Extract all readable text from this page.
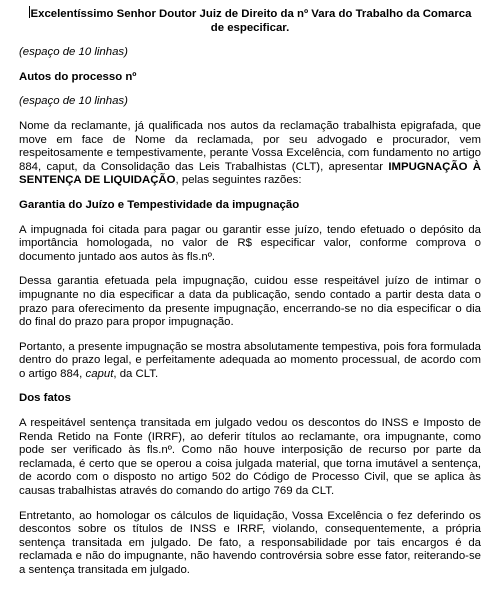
Excelentíssimo Senhor Doutor Juiz de Direito da nº Vara do Trabalho da Comarca de especificar.
(espaço de 10 linhas)
Autos do processo nº
(espaço de 10 linhas)
Nome da reclamante, já qualificada nos autos da reclamação trabalhista epigrafada, que move em face de Nome da reclamada, por seu advogado e procurador, vem respeitosamente e tempestivamente, perante Vossa Excelência, com fundamento no artigo 884, caput, da Consolidação das Leis Trabalhistas (CLT), apresentar IMPUGNAÇÃO À SENTENÇA DE LIQUIDAÇÃO, pelas seguintes razões:
Garantia do Juízo e Tempestividade da impugnação
A impugnada foi citada para pagar ou garantir esse juízo, tendo efetuado o depósito da importância homologada, no valor de R$ especificar valor, conforme comprova o documento juntado aos autos às fls.nº.
Dessa garantia efetuada pela impugnação, cuidou esse respeitável juízo de intimar o impugnante no dia especificar a data da publicação, sendo contado a partir desta data o prazo para oferecimento da presente impugnação, encerrando-se no dia especificar o dia do final do prazo para propor impugnação.
Portanto, a presente impugnação se mostra absolutamente tempestiva, pois fora formulada dentro do prazo legal, e perfeitamente adequada ao momento processual, de acordo com o artigo 884, caput, da CLT.
Dos fatos
A respeitável sentença transitada em julgado vedou os descontos do INSS e Imposto de Renda Retido na Fonte (IRRF), ao deferir títulos ao reclamante, ora impugnante, como pode ser verificado às fls.nº. Como não houve interposição de recurso por parte da reclamada, é certo que se operou a coisa julgada material, que torna imutável a sentença, de acordo com o disposto no artigo 502 do Código de Processo Civil, que se aplica às causas trabalhistas através do comando do artigo 769 da CLT.
Entretanto, ao homologar os cálculos de liquidação, Vossa Excelência o fez deferindo os descontos sobre os títulos de INSS e IRRF, violando, consequentemente, a própria sentença transitada em julgado. De fato, a responsabilidade por tais encargos é da reclamada e não do impugnante, não havendo controvérsia sobre esse fator, reiterando-se a sentença transitada em julgado.
